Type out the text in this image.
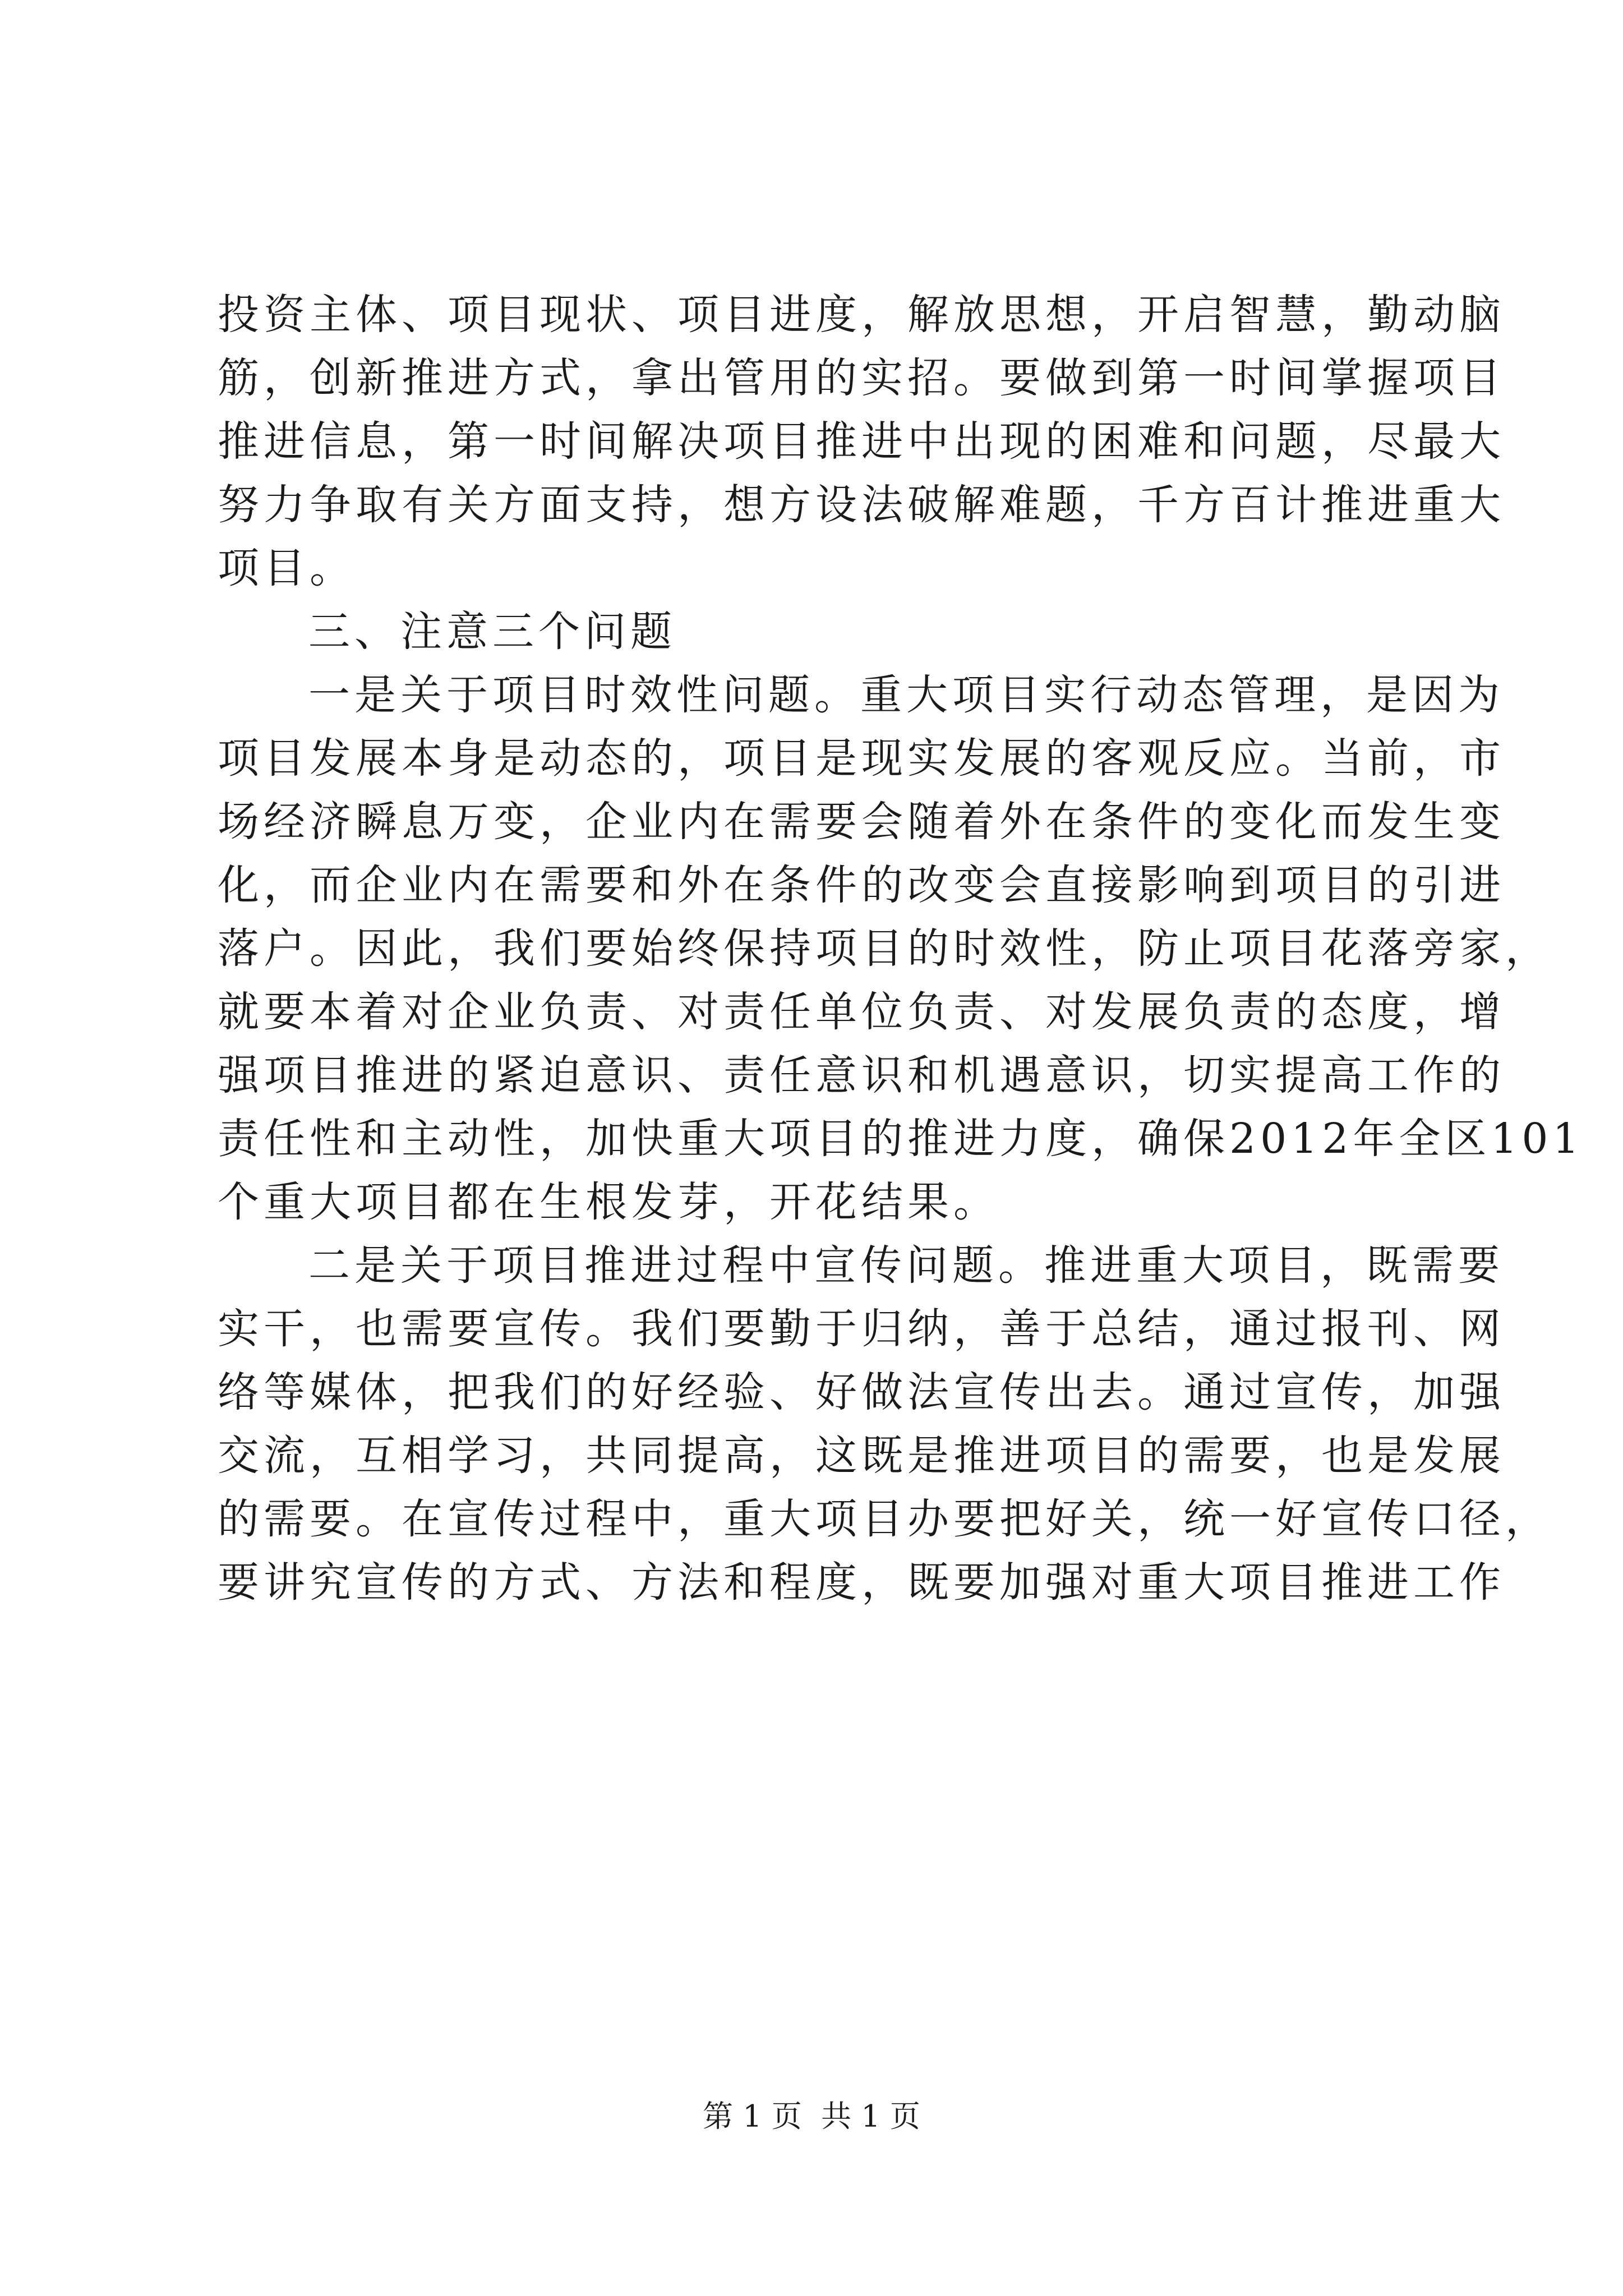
投资主体、项目现状、项目进度，解放思想，开启智慧，勤动脑
筋，创新推进方式，拿出管用的实招。要做到第一时间掌握项目
推进信息，第一时间解决项目推进中出现的困难和问题，尽最大
努力争取有关方面支持，想方设法破解难题，千方百计推进重大
项目。
三、注意三个问题
一是关于项目时效性问题。重大项目实行动态管理，是因为
项目发展本身是动态的，项目是现实发展的客观反应。当前，市
场经济瞬息万变，企业内在需要会随着外在条件的变化而发生变
化，而企业内在需要和外在条件的改变会直接影响到项目的引进
落户。因此，我们要始终保持项目的时效性，防止项目花落旁家，
就要本着对企业负责、对责任单位负责、对发展负责的态度，增
强项目推进的紧迫意识、责任意识和机遇意识，切实提高工作的
责任性和主动性，加快重大项目的推进力度，确保2012年全区101
个重大项目都在生根发芽，开花结果。
二是关于项目推进过程中宣传问题。推进重大项目，既需要
实干，也需要宣传。我们要勤于归纳，善于总结，通过报刊、网
络等媒体，把我们的好经验、好做法宣传出去。通过宣传，加强
交流，互相学习，共同提高，这既是推进项目的需要，也是发展
的需要。在宣传过程中，重大项目办要把好关，统一好宣传口径，
要讲究宣传的方式、方法和程度，既要加强对重大项目推进工作
第 1 页  共 1 页
